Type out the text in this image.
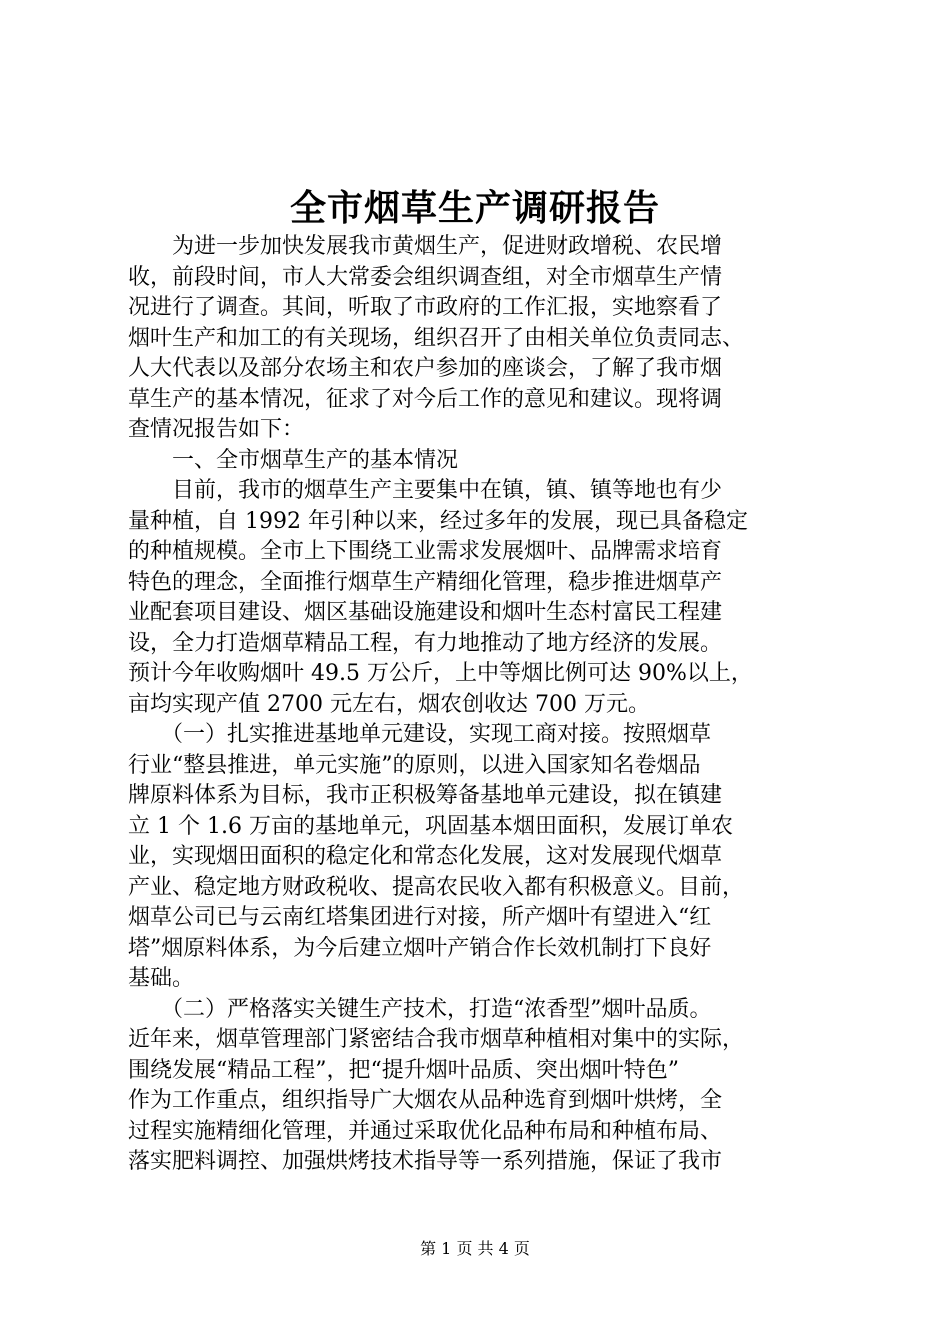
全市烟草生产调研报告
　　为进一步加快发展我市黄烟生产，促进财政增税、农民增
收，前段时间，市人大常委会组织调查组，对全市烟草生产情
况进行了调查。其间，听取了市政府的工作汇报，实地察看了
烟叶生产和加工的有关现场，组织召开了由相关单位负责同志、
人大代表以及部分农场主和农户参加的座谈会，了解了我市烟
草生产的基本情况，征求了对今后工作的意见和建议。现将调
查情况报告如下：
　　一、全市烟草生产的基本情况
　　目前，我市的烟草生产主要集中在镇，镇、镇等地也有少
量种植，自 1992 年引种以来，经过多年的发展，现已具备稳定
的种植规模。全市上下围绕工业需求发展烟叶、品牌需求培育
特色的理念，全面推行烟草生产精细化管理，稳步推进烟草产
业配套项目建设、烟区基础设施建设和烟叶生态村富民工程建
设，全力打造烟草精品工程，有力地推动了地方经济的发展。
预计今年收购烟叶 49.5 万公斤，上中等烟比例可达 90%以上，
亩均实现产值 2700 元左右，烟农创收达 700 万元。
　　（一）扎实推进基地单元建设，实现工商对接。按照烟草
行业“整县推进，单元实施”的原则，以进入国家知名卷烟品
牌原料体系为目标，我市正积极筹备基地单元建设，拟在镇建
立 1 个 1.6 万亩的基地单元，巩固基本烟田面积，发展订单农
业，实现烟田面积的稳定化和常态化发展，这对发展现代烟草
产业、稳定地方财政税收、提高农民收入都有积极意义。目前，
烟草公司已与云南红塔集团进行对接，所产烟叶有望进入“红
塔”烟原料体系，为今后建立烟叶产销合作长效机制打下良好
基础。
　　（二）严格落实关键生产技术，打造“浓香型”烟叶品质。
近年来，烟草管理部门紧密结合我市烟草种植相对集中的实际，
围绕发展“精品工程”，把“提升烟叶品质、突出烟叶特色”
作为工作重点，组织指导广大烟农从品种选育到烟叶烘烤，全
过程实施精细化管理，并通过采取优化品种布局和种植布局、
落实肥料调控、加强烘烤技术指导等一系列措施，保证了我市
第 1 页 共 4 页
